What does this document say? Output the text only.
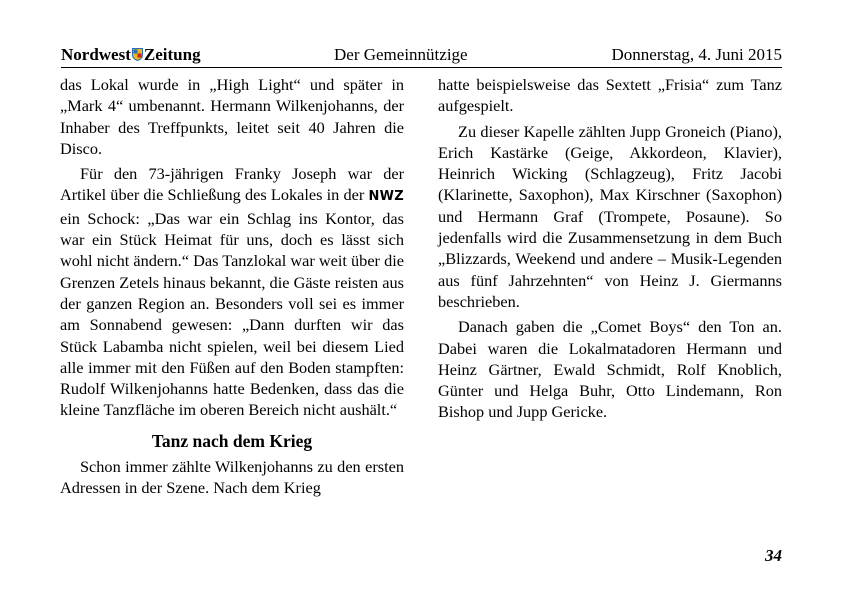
Nordwest Zeitung	Der Gemeinnützige	Donnerstag, 4. Juni 2015

das Lokal wurde in „High Light“ und später in „Mark 4“ umbenannt. Hermann Wilkenjohanns, der Inhaber des Treffpunkts, leitet seit 40 Jahren die Disco.

Für den 73-jährigen Franky Joseph war der Artikel über die Schließung des Lokales in der NWZ ein Schock: „Das war ein Schlag ins Kontor, das war ein Stück Heimat für uns, doch es lässt sich wohl nicht ändern.“ Das Tanzlokal war weit über die Grenzen Zetels hinaus bekannt, die Gäste reisten aus der ganzen Region an. Besonders voll sei es immer am Sonnabend gewesen: „Dann durften wir das Stück Labamba nicht spielen, weil bei diesem Lied alle immer mit den Füßen auf den Boden stampften: Rudolf Wilkenjohanns hatte Bedenken, dass das die kleine Tanzfläche im oberen Bereich nicht aushält.“

Tanz nach dem Krieg

Schon immer zählte Wilkenjohanns zu den ersten Adressen in der Szene. Nach dem Krieg

hatte beispielsweise das Sextett „Frisia“ zum Tanz aufgespielt.

Zu dieser Kapelle zählten Jupp Groneich (Piano), Erich Kastärke (Geige, Akkordeon, Klavier), Heinrich Wicking (Schlagzeug), Fritz Jacobi (Klarinette, Saxophon), Max Kirschner (Saxophon) und Hermann Graf (Trompete, Posaune). So jedenfalls wird die Zusammensetzung in dem Buch „Blizzards, Weekend und andere – Musik-Legenden aus fünf Jahrzehnten“ von Heinz J. Giermanns beschrieben.

Danach gaben die „Comet Boys“ den Ton an. Dabei waren die Lokalmatadoren Hermann und Heinz Gärtner, Ewald Schmidt, Rolf Knoblich, Günter und Helga Buhr, Otto Lindemann, Ron Bishop und Jupp Gericke.

34
